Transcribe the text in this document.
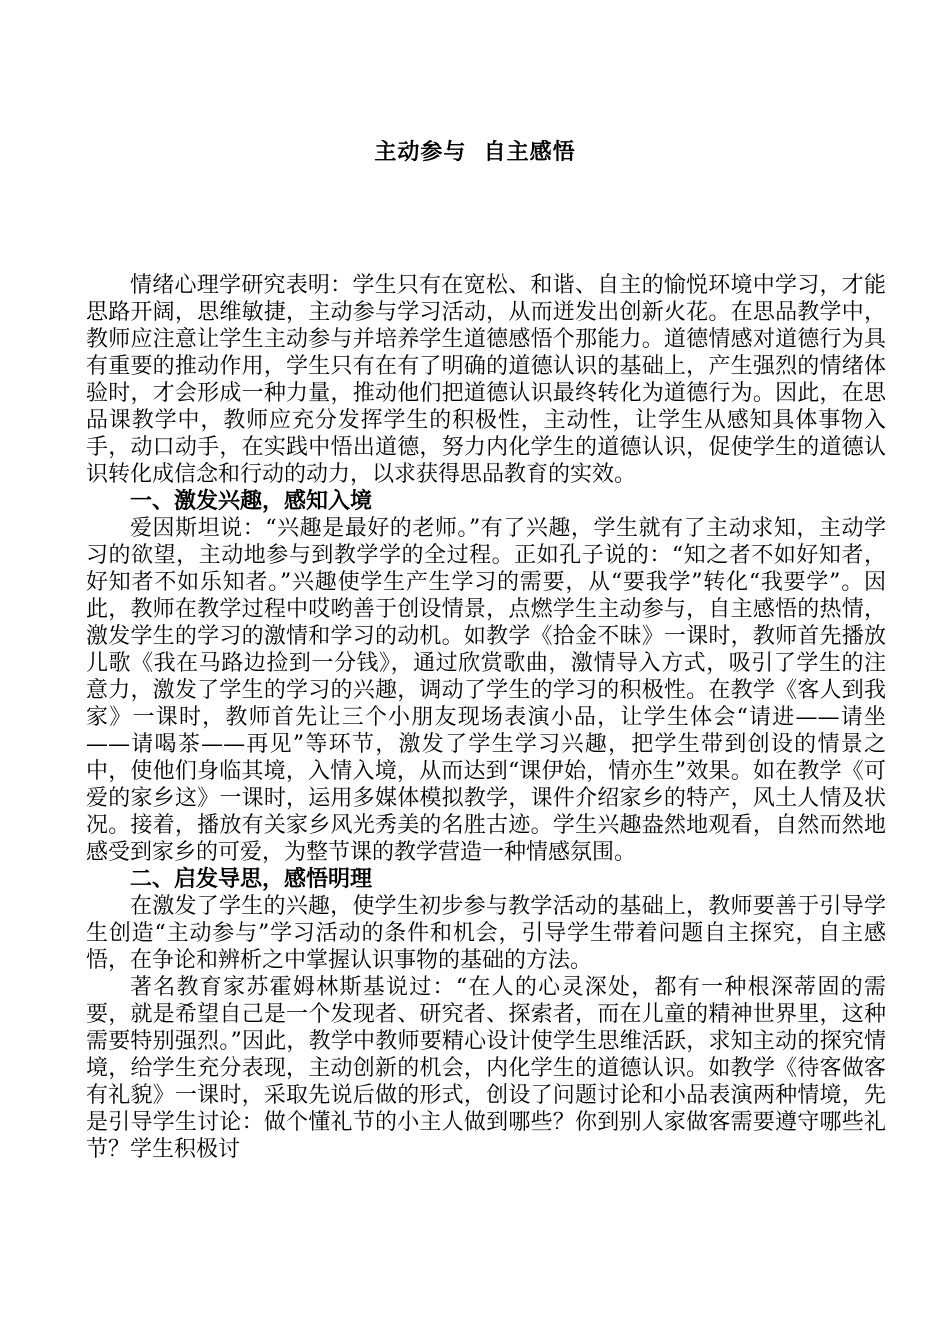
主动参与  自主感悟

情绪心理学研究表明：学生只有在宽松、和谐、自主的愉悦环境中学习，才能思路开阔，思维敏捷，主动参与学习活动，从而迸发出创新火花。在思品教学中，教师应注意让学生主动参与并培养学生道德感悟个那能力。道德情感对道德行为具有重要的推动作用，学生只有在有了明确的道德认识的基础上，产生强烈的情绪体验时，才会形成一种力量，推动他们把道德认识最终转化为道德行为。因此，在思品课教学中，教师应充分发挥学生的积极性，主动性，让学生从感知具体事物入手，动口动手，在实践中悟出道德，努力内化学生的道德认识，促使学生的道德认识转化成信念和行动的动力，以求获得思品教育的实效。

一、激发兴趣，感知入境

爱因斯坦说：“兴趣是最好的老师。”有了兴趣，学生就有了主动求知，主动学习的欲望，主动地参与到教学学的全过程。正如孔子说的：“知之者不如好知者，好知者不如乐知者。”兴趣使学生产生学习的需要，从“要我学”转化“我要学”。因此，教师在教学过程中哎哟善于创设情景，点燃学生主动参与，自主感悟的热情，激发学生的学习的激情和学习的动机。如教学《拾金不昧》一课时，教师首先播放儿歌《我在马路边捡到一分钱》，通过欣赏歌曲，激情导入方式，吸引了学生的注意力，激发了学生的学习的兴趣，调动了学生的学习的积极性。在教学《客人到我家》一课时，教师首先让三个小朋友现场表演小品，让学生体会“请进——请坐——请喝茶——再见”等环节，激发了学生学习兴趣，把学生带到创设的情景之中，使他们身临其境，入情入境，从而达到“课伊始，情亦生”效果。如在教学《可爱的家乡这》一课时，运用多媒体模拟教学，课件介绍家乡的特产，风土人情及状况。接着，播放有关家乡风光秀美的名胜古迹。学生兴趣盎然地观看，自然而然地感受到家乡的可爱，为整节课的教学营造一种情感氛围。

二、启发导思，感悟明理

在激发了学生的兴趣，使学生初步参与教学活动的基础上，教师要善于引导学生创造“主动参与”学习活动的条件和机会，引导学生带着问题自主探究，自主感悟，在争论和辨析之中掌握认识事物的基础的方法。

著名教育家苏霍姆林斯基说过：“在人的心灵深处，都有一种根深蒂固的需要，就是希望自己是一个发现者、研究者、探索者，而在儿童的精神世界里，这种需要特别强烈。”因此，教学中教师要精心设计使学生思维活跃，求知主动的探究情境，给学生充分表现，主动创新的机会，内化学生的道德认识。如教学《待客做客有礼貌》一课时，采取先说后做的形式，创设了问题讨论和小品表演两种情境，先是引导学生讨论：做个懂礼节的小主人做到哪些？你到别人家做客需要遵守哪些礼节？学生积极讨
